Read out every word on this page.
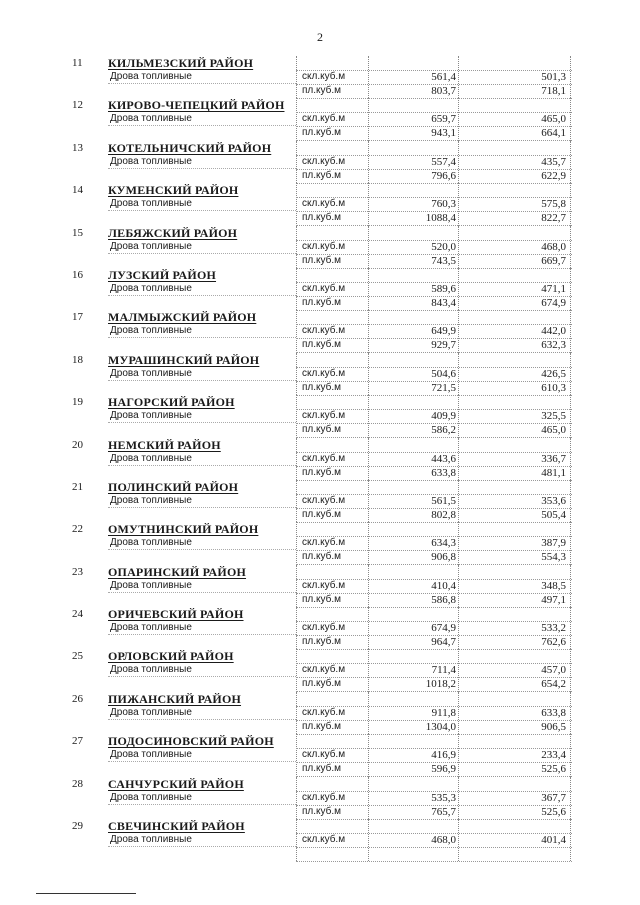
2
11	КИЛЬМЕЗСКИЙ РАЙОН
Дрова топливные	скл.куб.м	561,4	501,3
пл.куб.м	803,7	718,1
12	КИРОВО-ЧЕПЕЦКИЙ РАЙОН
Дрова топливные	скл.куб.м	659,7	465,0
пл.куб.м	943,1	664,1
13	КОТЕЛЬНИЧСКИЙ РАЙОН
Дрова топливные	скл.куб.м	557,4	435,7
пл.куб.м	796,6	622,9
14	КУМЕНСКИЙ РАЙОН
Дрова топливные	скл.куб.м	760,3	575,8
пл.куб.м	1088,4	822,7
15	ЛЕБЯЖСКИЙ РАЙОН
Дрова топливные	скл.куб.м	520,0	468,0
пл.куб.м	743,5	669,7
16	ЛУЗСКИЙ РАЙОН
Дрова топливные	скл.куб.м	589,6	471,1
пл.куб.м	843,4	674,9
17	МАЛМЫЖСКИЙ РАЙОН
Дрова топливные	скл.куб.м	649,9	442,0
пл.куб.м	929,7	632,3
18	МУРАШИНСКИЙ РАЙОН
Дрова топливные	скл.куб.м	504,6	426,5
пл.куб.м	721,5	610,3
19	НАГОРСКИЙ РАЙОН
Дрова топливные	скл.куб.м	409,9	325,5
пл.куб.м	586,2	465,0
20	НЕМСКИЙ РАЙОН
Дрова топливные	скл.куб.м	443,6	336,7
пл.куб.м	633,8	481,1
21	ПОЛИНСКИЙ РАЙОН
Дрова топливные	скл.куб.м	561,5	353,6
пл.куб.м	802,8	505,4
22	ОМУТНИНСКИЙ РАЙОН
Дрова топливные	скл.куб.м	634,3	387,9
пл.куб.м	906,8	554,3
23	ОПАРИНСКИЙ РАЙОН
Дрова топливные	скл.куб.м	410,4	348,5
пл.куб.м	586,8	497,1
24	ОРИЧЕВСКИЙ РАЙОН
Дрова топливные	скл.куб.м	674,9	533,2
пл.куб.м	964,7	762,6
25	ОРЛОВСКИЙ РАЙОН
Дрова топливные	скл.куб.м	711,4	457,0
пл.куб.м	1018,2	654,2
26	ПИЖАНСКИЙ РАЙОН
Дрова топливные	скл.куб.м	911,8	633,8
пл.куб.м	1304,0	906,5
27	ПОДОСИНОВСКИЙ РАЙОН
Дрова топливные	скл.куб.м	416,9	233,4
пл.куб.м	596,9	525,6
28	САНЧУРСКИЙ РАЙОН
Дрова топливные	скл.куб.м	535,3	367,7
пл.куб.м	765,7	525,6
29	СВЕЧИНСКИЙ РАЙОН
Дрова топливные	скл.куб.м	468,0	401,4
